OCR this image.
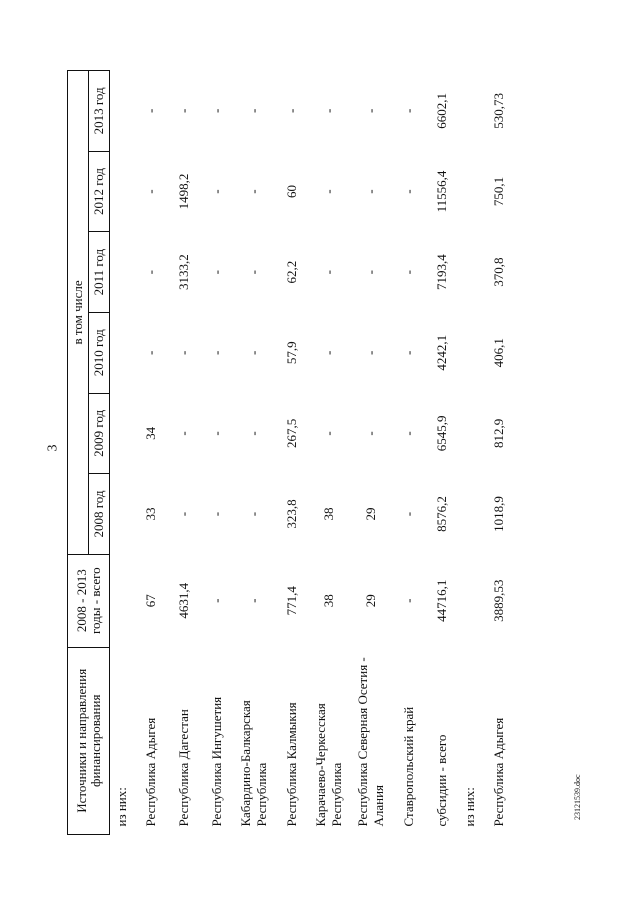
3
23121539.doc
Источники и направления финансирования	2008 - 2013 годы - всего	в том числе					
		2008 год	2009 год	2010 год	2011 год	2012 год	2013 год
из них:							
Республика Адыгея	67	33	34	-	-	-	-
Республика Дагестан	4631,4	-	-	-	3133,2	1498,2	-
Республика Ингушетия	-	-	-	-	-	-	-
Кабардино-Балкарская Республика	-	-	-	-	-	-	-
Республика Калмыкия	771,4	323,8	267,5	57,9	62,2	60	-
Карачаево-Черкесская Республика	38	38	-	-	-	-	-
Республика Северная Осетия - Алания	29	29	-	-	-	-	-
Ставропольский край	-	-	-	-	-	-	-
субсидии - всего	44716,1	8576,2	6545,9	4242,1	7193,4	11556,4	6602,1
из них:							
Республика Адыгея	3889,53	1018,9	812,9	406,1	370,8	750,1	530,73
